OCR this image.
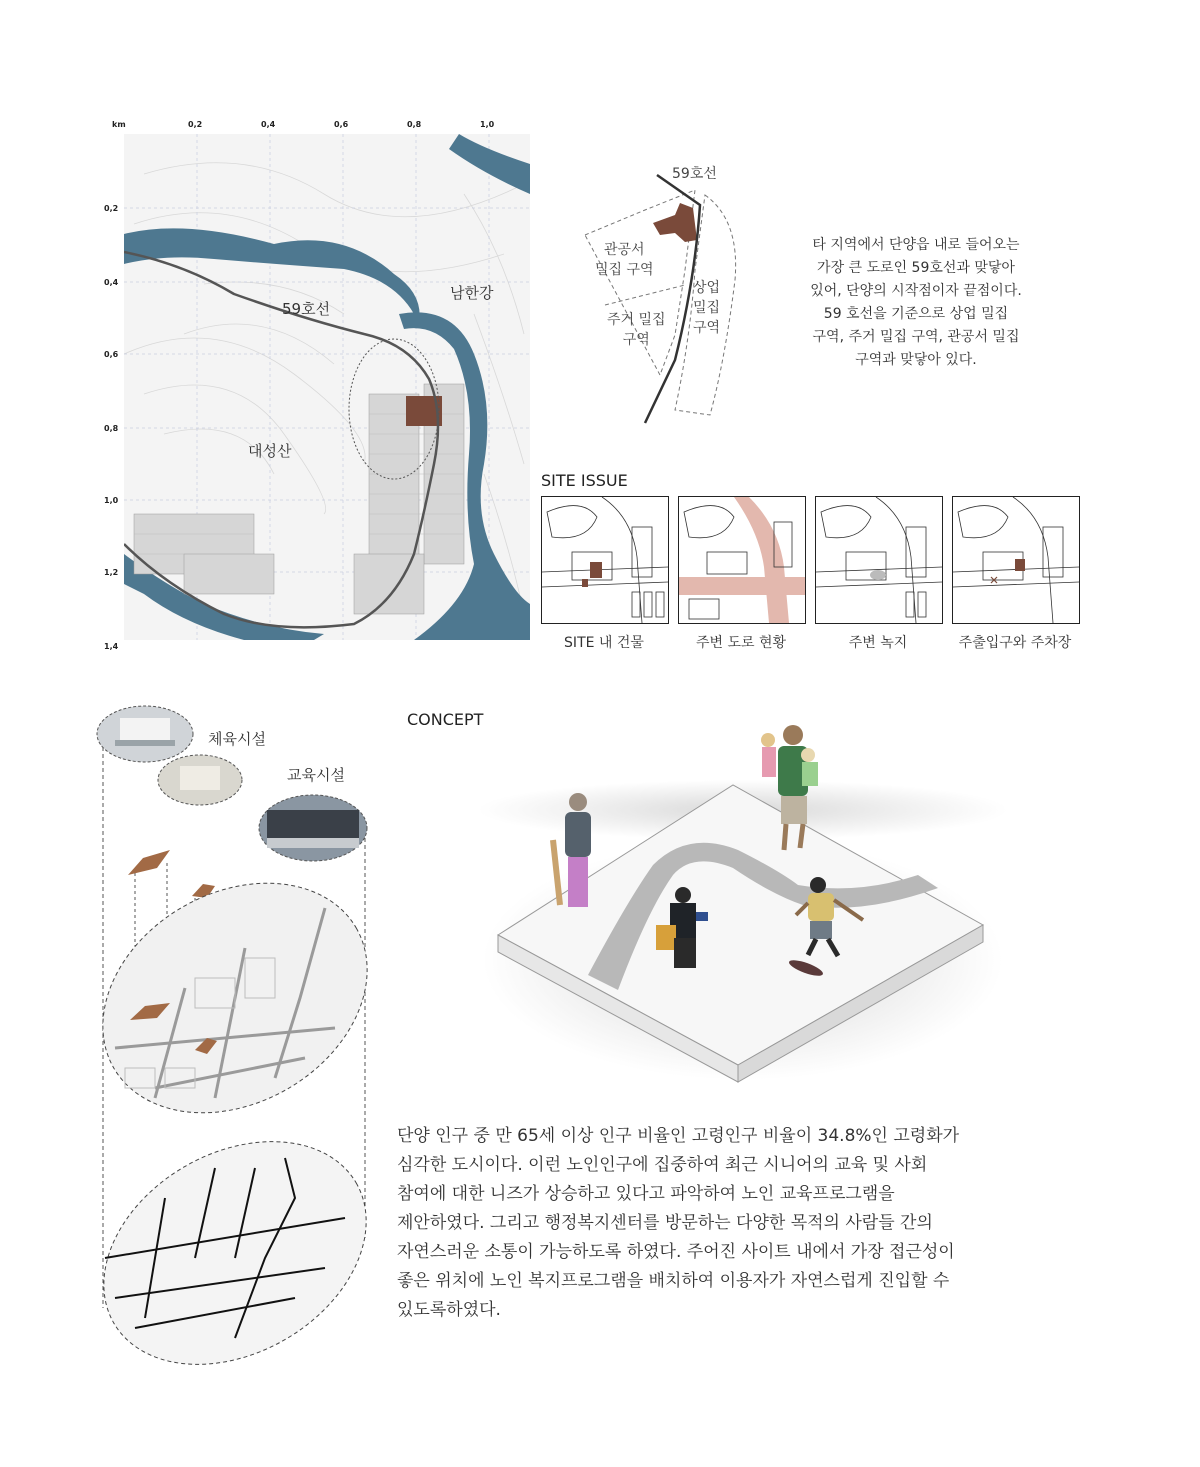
km	0,2	0,4	0,6	0,8	1,0
0,2
0,4
0,6
0,8
1,0
1,2
1,4
남한강
대성산
59호선
59호선
관공서
밀집 구역
주거 밀집
구역
상업
밀집
구역
타 지역에서 단양읍 내로 들어오는
가장 큰 도로인 59호선과 맞닿아
있어, 단양의 시작점이자 끝점이다.
59 호선을 기준으로 상업 밀집
구역, 주거 밀집 구역, 관공서 밀집
구역과 맞닿아 있다.
SITE ISSUE
SITE 내 건물	주변 도로 현황	주변 녹지	주출입구와 주차장
체육시설
교육시설
CONCEPT
단양 인구 중 만 65세 이상 인구 비율인 고령인구 비율이 34.8%인 고령화가
심각한 도시이다. 이런 노인인구에 집중하여 최근 시니어의 교육 및 사회
참여에 대한 니즈가 상승하고 있다고 파악하여 노인 교육프로그램을
제안하였다. 그리고 행정복지센터를 방문하는 다양한 목적의 사람들 간의
자연스러운 소통이 가능하도록 하였다. 주어진 사이트 내에서 가장 접근성이
좋은 위치에 노인 복지프로그램을 배치하여 이용자가 자연스럽게 진입할 수
있도록하였다.
